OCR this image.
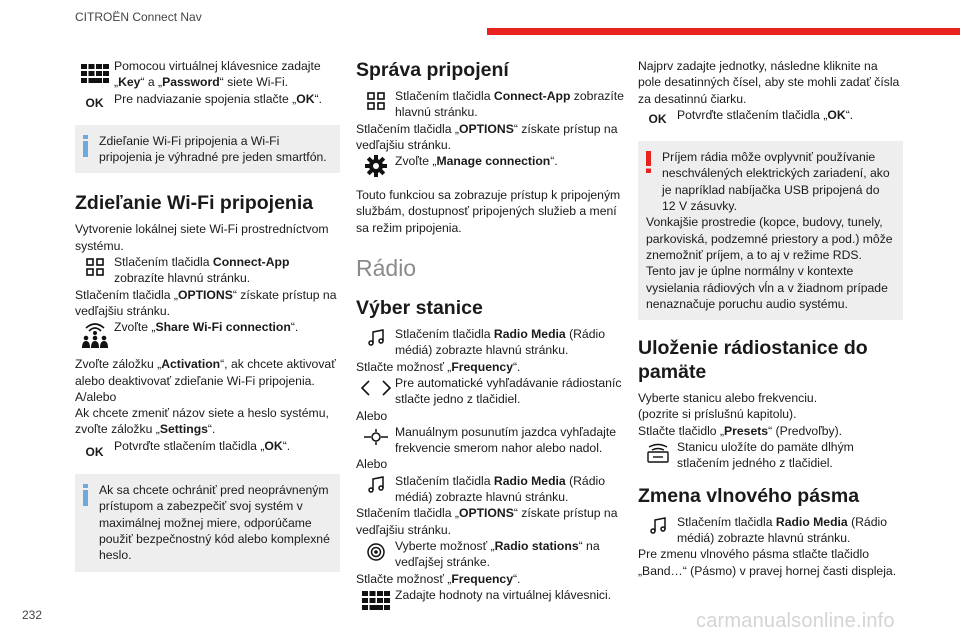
CITROËN Connect Nav

Pomocou virtuálnej klávesnice zadajte „Key“ a „Password“ siete Wi-Fi.

OK Pre nadviazanie spojenia stlačte „OK“.

Zdieľanie Wi-Fi pripojenia a Wi-Fi pripojenia je výhradné pre jeden smartfón.

Zdieľanie Wi-Fi pripojenia

Vytvorenie lokálnej siete Wi-Fi prostredníctvom systému.

Stlačením tlačidla Connect-App zobrazíte hlavnú stránku.

Stlačením tlačidla „OPTIONS“ získate prístup na vedľajšiu stránku.

Zvoľte „Share Wi-Fi connection“.

Zvoľte záložku „Activation“, ak chcete aktivovať alebo deaktivovať zdieľanie Wi-Fi pripojenia.

A/alebo

Ak chcete zmeniť názov siete a heslo systému, zvoľte záložku „Settings“.

OK Potvrďte stlačením tlačidla „OK“.

Ak sa chcete ochrániť pred neoprávneným prístupom a zabezpečiť svoj systém v maximálnej možnej miere, odporúčame použiť bezpečnostný kód alebo komplexné heslo.

Správa pripojení

Stlačením tlačidla Connect-App zobrazíte hlavnú stránku.

Stlačením tlačidla „OPTIONS“ získate prístup na vedľajšiu stránku.

Zvoľte „Manage connection“.

Touto funkciou sa zobrazuje prístup k pripojeným službám, dostupnosť pripojených služieb a mení sa režim pripojenia.

Rádio
Výber stanice

Stlačením tlačidla Radio Media (Rádio médiá) zobrazte hlavnú stránku.

Stlačte možnosť „Frequency“.

Pre automatické vyhľadávanie rádiostaníc stlačte jedno z tlačidiel.

Alebo

Manuálnym posunutím jazdca vyhľadajte frekvencie smerom nahor alebo nadol.

Alebo

Stlačením tlačidla Radio Media (Rádio médiá) zobrazte hlavnú stránku.

Stlačením tlačidla „OPTIONS“ získate prístup na vedľajšiu stránku.

Vyberte možnosť „Radio stations“ na vedľajšej stránke.

Stlačte možnosť „Frequency“.

Zadajte hodnoty na virtuálnej klávesnici.

Najprv zadajte jednotky, následne kliknite na pole desatinných čísel, aby ste mohli zadať čísla za desatinnú čiarku.

OK Potvrďte stlačením tlačidla „OK“.

Príjem rádia môže ovplyvniť používanie neschválených elektrických zariadení, ako je napríklad nabíjačka USB pripojená do 12 V zásuvky.

Vonkajšie prostredie (kopce, budovy, tunely, parkoviská, podzemné priestory a pod.) môže znemožniť príjem, a to aj v režime RDS. Tento jav je úplne normálny v kontexte vysielania rádiových vĺn a v žiadnom prípade nenaznačuje poruchu audio systému.

Uloženie rádiostanice do pamäte

Vyberte stanicu alebo frekvenciu.

(pozrite si príslušnú kapitolu).

Stlačte tlačidlo „Presets“ (Predvoľby).

Stanicu uložíte do pamäte dlhým stlačením jedného z tlačidiel.

Zmena vlnového pásma

Stlačením tlačidla Radio Media (Rádio médiá) zobrazte hlavnú stránku.

Pre zmenu vlnového pásma stlačte tlačidlo „Band…“ (Pásmo) v pravej hornej časti displeja.

232	carmanualsonline.info
